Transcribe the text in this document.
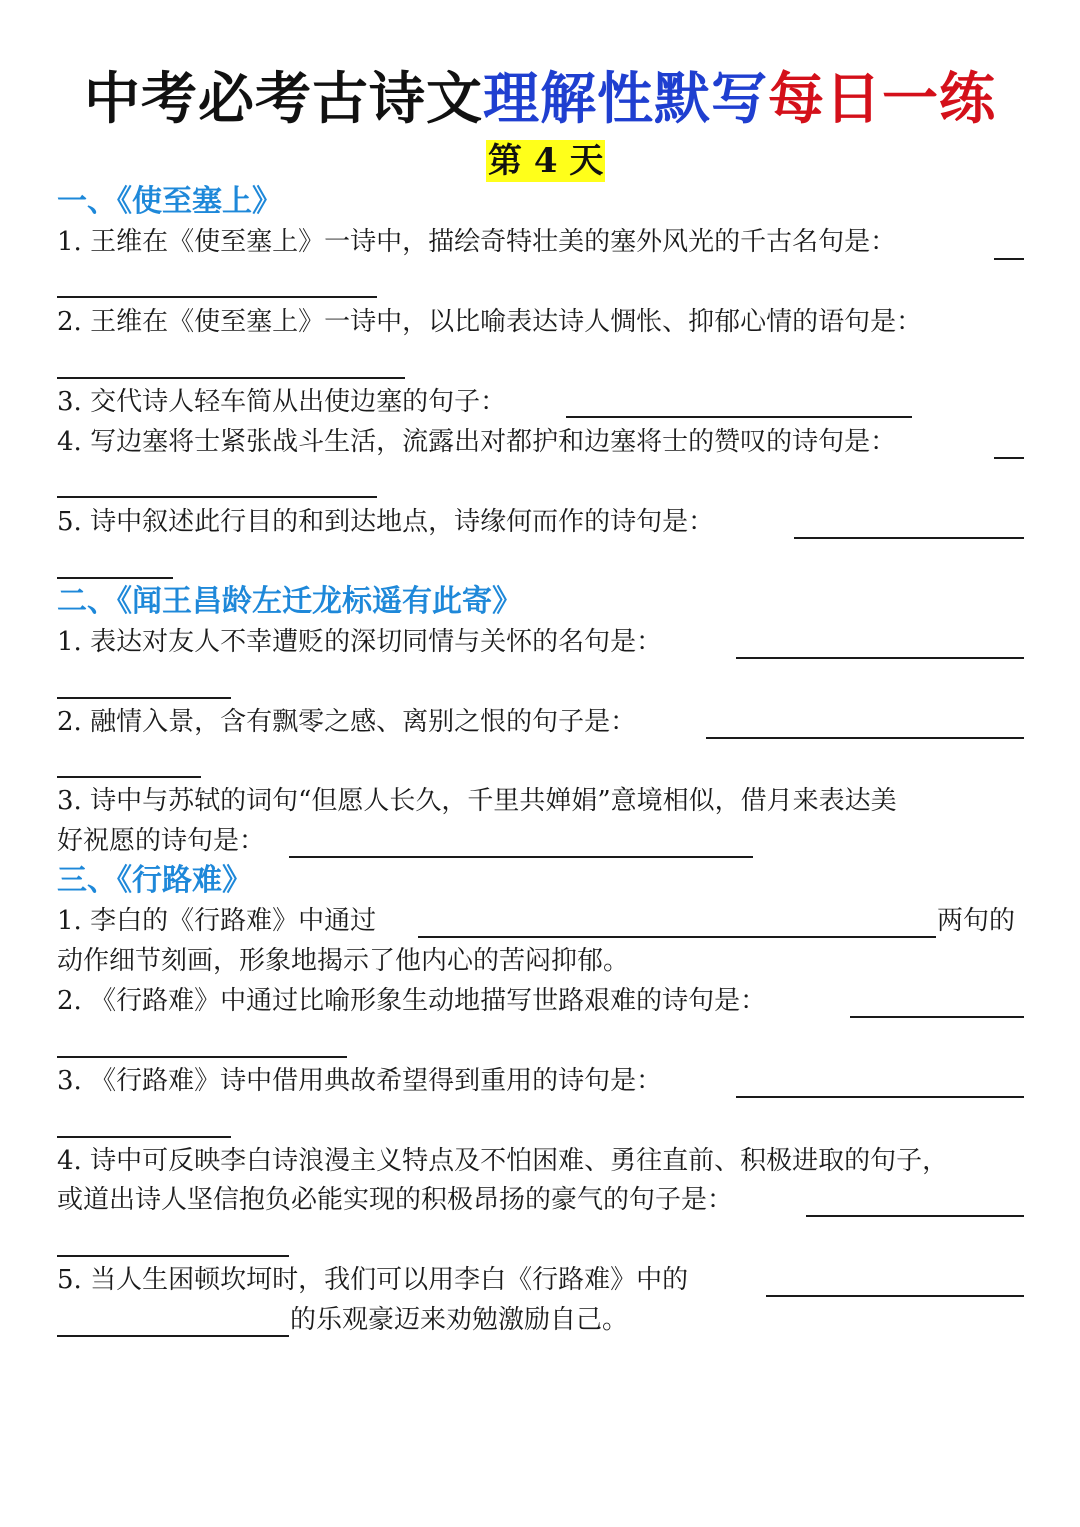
中考必考古诗文理解性默写每日一练
第 4 天
一、《使至塞上》
1. 王维在《使至塞上》一诗中，描绘奇特壮美的塞外风光的千古名句是：
2. 王维在《使至塞上》一诗中，以比喻表达诗人惆怅、抑郁心情的语句是：
3. 交代诗人轻车简从出使边塞的句子：
4. 写边塞将士紧张战斗生活，流露出对都护和边塞将士的赞叹的诗句是：
5. 诗中叙述此行目的和到达地点，诗缘何而作的诗句是：
二、《闻王昌龄左迁龙标遥有此寄》
1. 表达对友人不幸遭贬的深切同情与关怀的名句是：
2. 融情入景，含有飘零之感、离别之恨的句子是：
3. 诗中与苏轼的词句“但愿人长久，千里共婵娟”意境相似，借月来表达美
好祝愿的诗句是：
三、《行路难》
1. 李白的《行路难》中通过	两句的
动作细节刻画，形象地揭示了他内心的苦闷抑郁。
2. 《行路难》中通过比喻形象生动地描写世路艰难的诗句是：
3. 《行路难》诗中借用典故希望得到重用的诗句是：
4. 诗中可反映李白诗浪漫主义特点及不怕困难、勇往直前、积极进取的句子，
或道出诗人坚信抱负必能实现的积极昂扬的豪气的句子是：
5. 当人生困顿坎坷时，我们可以用李白《行路难》中的
的乐观豪迈来劝勉激励自己。
